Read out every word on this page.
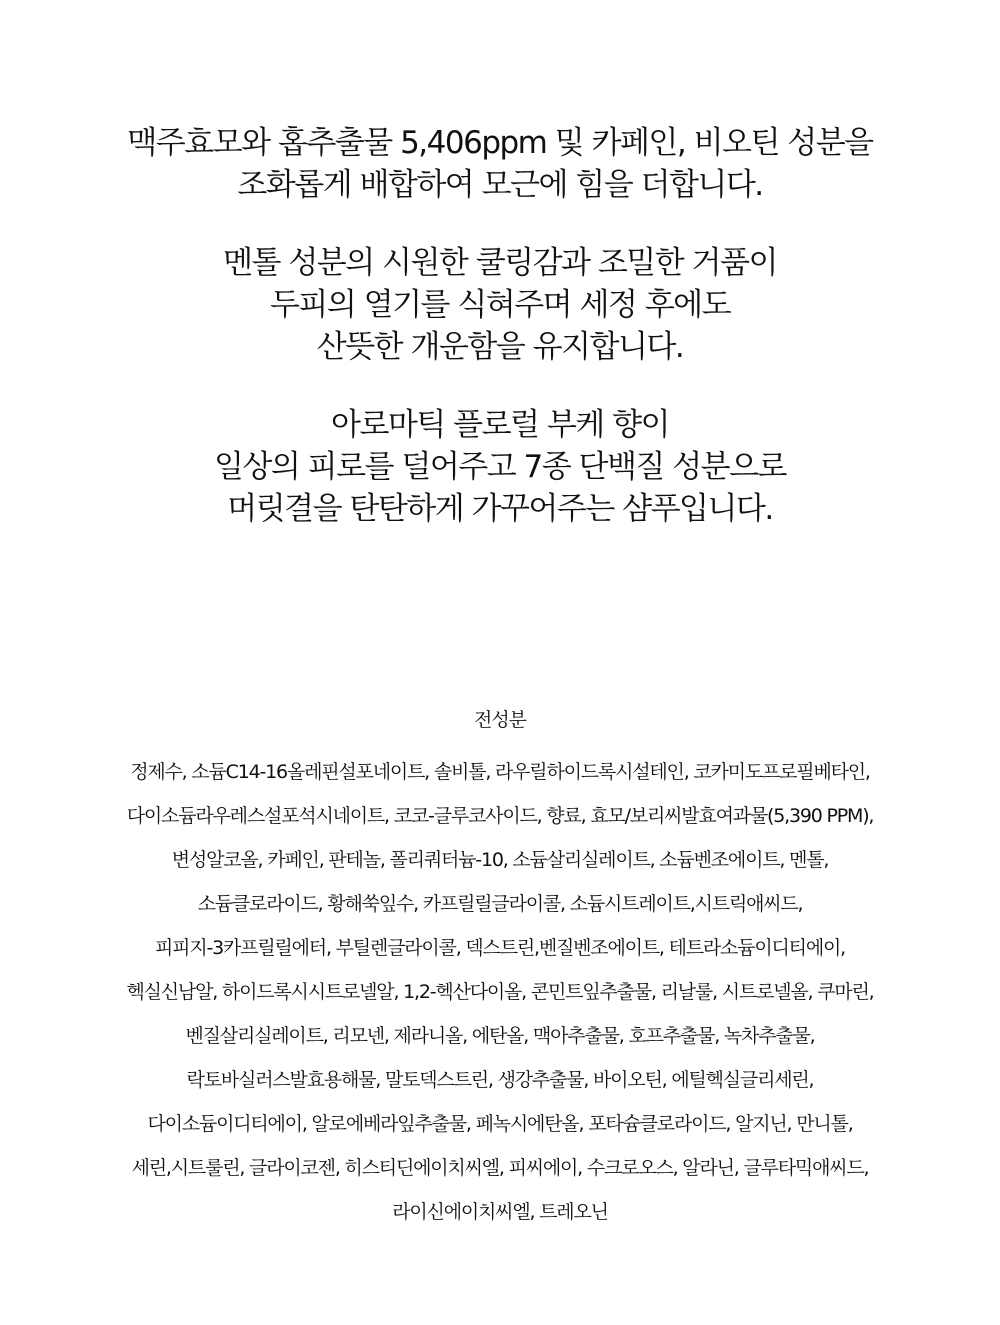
맥주효모와 홉추출물 5,406ppm 및 카페인, 비오틴 성분을
조화롭게 배합하여 모근에 힘을 더합니다.
멘톨 성분의 시원한 쿨링감과 조밀한 거품이
두피의 열기를 식혀주며 세정 후에도
산뜻한 개운함을 유지합니다.
아로마틱 플로럴 부케 향이
일상의 피로를 덜어주고 7종 단백질 성분으로
머릿결을 탄탄하게 가꾸어주는 샴푸입니다.
전성분
정제수, 소듐C14-16올레핀설포네이트, 솔비톨, 라우릴하이드록시설테인, 코카미도프로필베타인,
다이소듐라우레스설포석시네이트, 코코-글루코사이드, 향료, 효모/보리씨발효여과물(5,390 PPM),
변성알코올, 카페인, 판테놀, 폴리쿼터늄-10, 소듐살리실레이트, 소듐벤조에이트, 멘톨,
소듐클로라이드, 황해쑥잎수, 카프릴릴글라이콜, 소듐시트레이트,시트릭애씨드,
피피지-3카프릴릴에터, 부틸렌글라이콜, 덱스트린,벤질벤조에이트, 테트라소듐이디티에이,
헥실신남알, 하이드록시시트로넬알, 1,2-헥산다이올, 콘민트잎추출물, 리날룰, 시트로넬올, 쿠마린,
벤질살리실레이트, 리모넨, 제라니올, 에탄올, 맥아추출물, 호프추출물, 녹차추출물,
락토바실러스발효용해물, 말토덱스트린, 생강추출물, 바이오틴, 에틸헥실글리세린,
다이소듐이디티에이, 알로에베라잎추출물, 페녹시에탄올, 포타슘클로라이드, 알지닌, 만니톨,
세린,시트룰린, 글라이코젠, 히스티딘에이치씨엘, 피씨에이, 수크로오스, 알라닌, 글루타믹애씨드,
라이신에이치씨엘, 트레오닌
